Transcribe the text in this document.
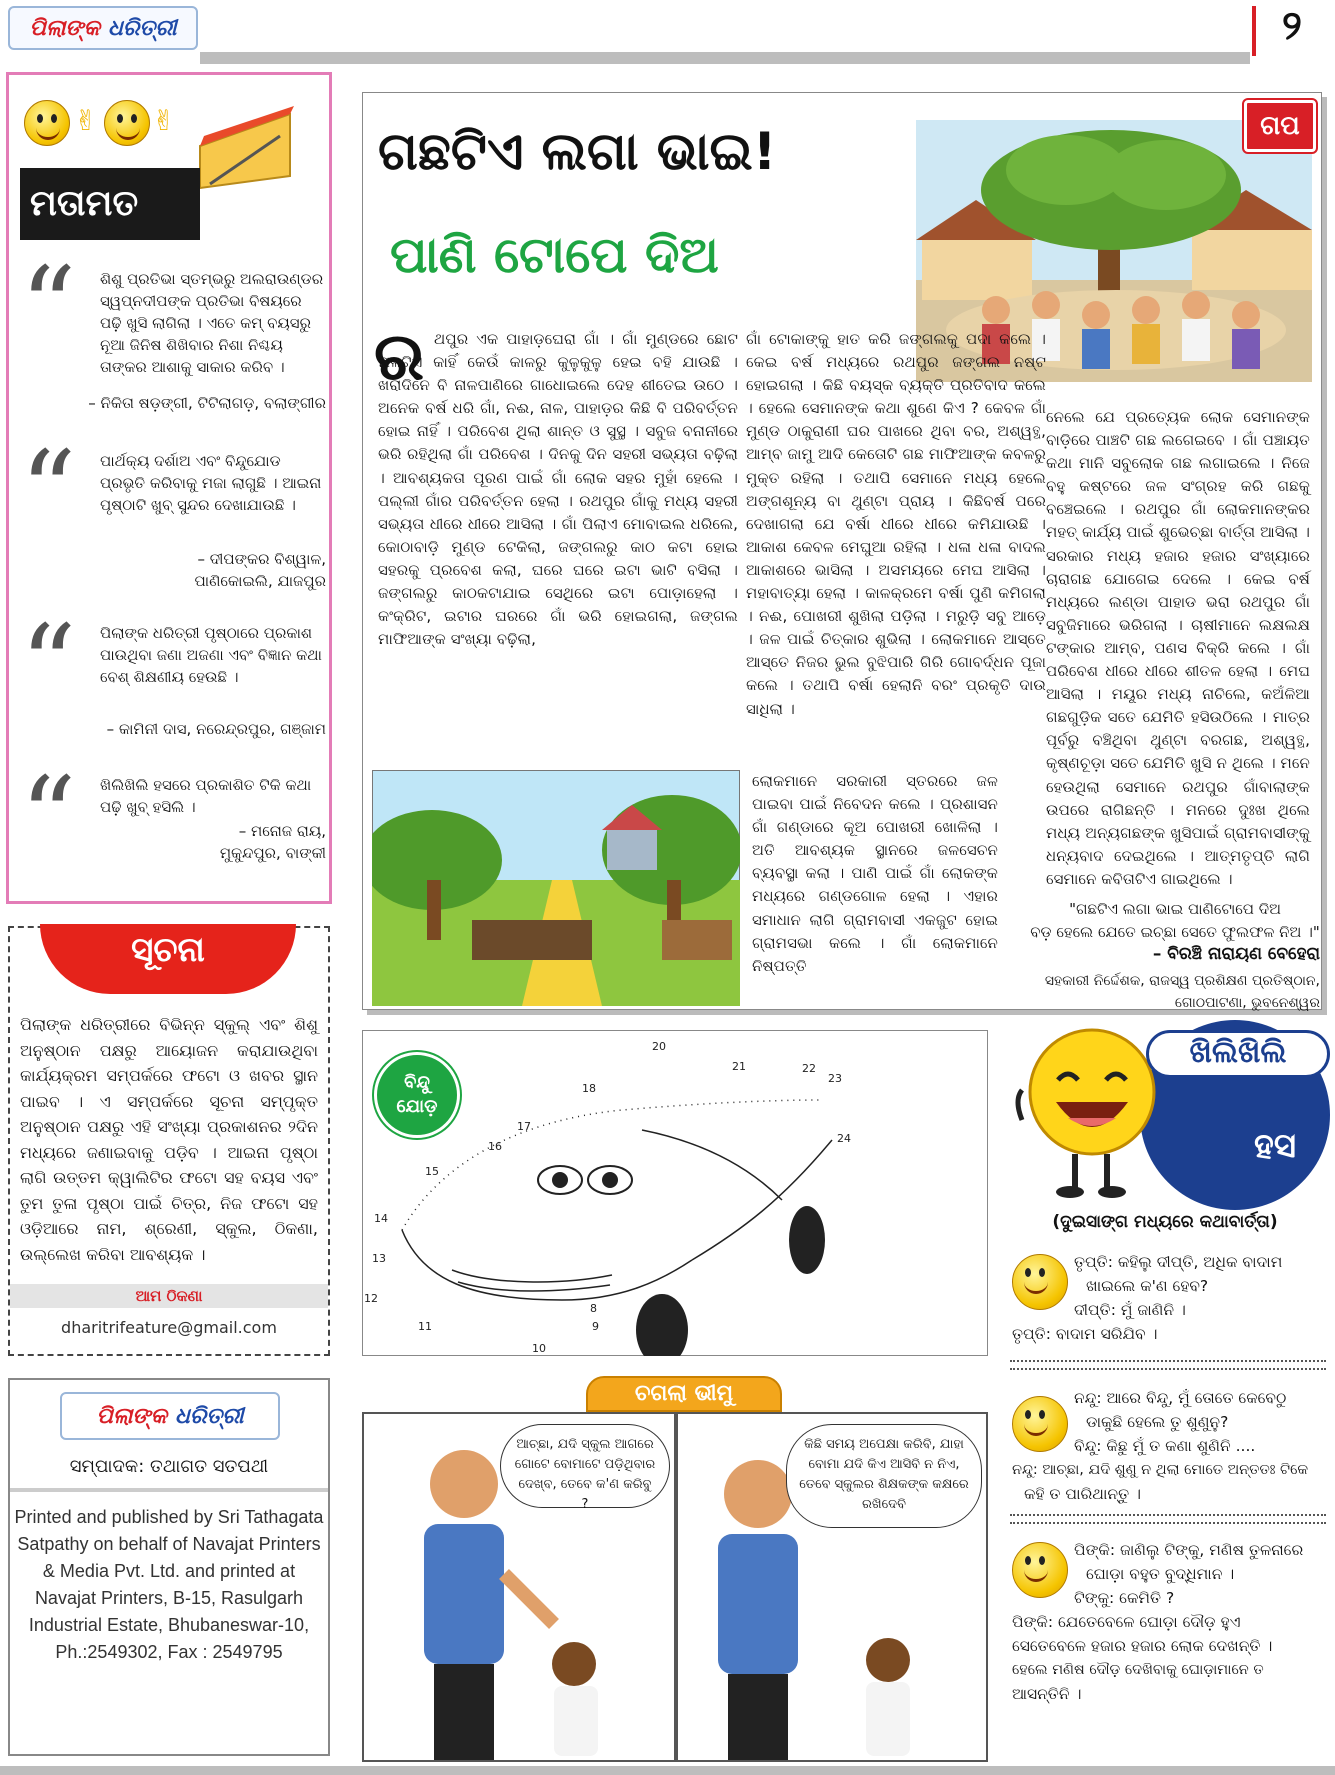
ପିଲାଙ୍କ ଧରିତ୍ରୀ	୨
✌ ✌
ମତାମତ
“ ଶିଶୁ ପ୍ରତିଭା ସ୍ତମ୍ଭରୁ ଅଲରାଉଣ୍ଡର ସ୍ୱପ୍ନଦୀପଙ୍କ ପ୍ରତିଭା ବିଷୟରେ ପଢ଼ି ଖୁସି ଲାଗିଲା । ଏତେ କମ୍ ବୟସରୁ ନୂଆ ଜିନିଷ ଶିଖିବାର ନିଶା ନିଶ୍ଚୟ ତାଙ୍କର ଆଶାକୁ ସାକାର କରିବ ।
– ନିକିତା ଷଡ଼ଙ୍ଗୀ, ଟିଟିଲାଗଡ଼, ବଲାଙ୍ଗୀର
“ ପାର୍ଥକ୍ୟ ଦର୍ଶାଅ ଏବଂ ବିନ୍ଦୁଯୋଡ ପ୍ରଭୃତି କରିବାକୁ ମଜା ଲାଗୁଛି । ଆଇନା ପୃଷ୍ଠାଟି ଖୁବ୍ ସୁନ୍ଦର ଦେଖାଯାଉଛି ।
– ଦୀପଙ୍କର ବିଶ୍ୱାଳ, ପାଣିକୋଇଲି, ଯାଜପୁର
“ ପିଲାଙ୍କ ଧରିତ୍ରୀ ପୃଷ୍ଠାରେ ପ୍ରକାଶ ପାଉଥିବା ଜଣା ଅଜଣା ଏବଂ ବିଜ୍ଞାନ କଥା ବେଶ୍ ଶିକ୍ଷଣୀୟ ହେଉଛି ।
– କାମିନୀ ଦାସ, ନରେନ୍ଦ୍ରପୁର, ଗଞ୍ଜାମ
“ ଖିଲିଖିଲି ହସରେ ପ୍ରକାଶିତ ଟିକି କଥା ପଢ଼ି ଖୁବ୍ ହସିଲି ।
– ମନୋଜ ରାୟ, ମୁକୁନ୍ଦପୁର, ବାଙ୍କୀ
ସୂଚନା
ପିଲାଙ୍କ ଧରିତ୍ରୀରେ ବିଭିନ୍ନ ସ୍କୁଲ୍ ଏବଂ ଶିଶୁ ଅନୁଷ୍ଠାନ ପକ୍ଷରୁ ଆୟୋଜନ କରାଯାଉଥିବା କାର୍ଯ୍ୟକ୍ରମ ସମ୍ପର୍କରେ ଫଟୋ ଓ ଖବର ସ୍ଥାନ ପାଇବ । ଏ ସମ୍ପର୍କରେ ସୂଚନା ସମ୍ପୃକ୍ତ ଅନୁଷ୍ଠାନ ପକ୍ଷରୁ ଏହି ସଂଖ୍ୟା ପ୍ରକାଶନର ୨ଦିନ ମଧ୍ୟରେ ଜଣାଇବାକୁ ପଡ଼ିବ । ଆଇନା ପୃଷ୍ଠା ଲାଗି ଉତ୍ତମ କ୍ୱାଲିଟିର ଫଟୋ ସହ ବୟସ ଏବଂ ତୁମ ତୁଳା ପୃଷ୍ଠା ପାଇଁ ଚିତ୍ର, ନିଜ ଫଟୋ ସହ ଓଡ଼ିଆରେ ନାମ, ଶ୍ରେଣୀ, ସ୍କୁଲ, ଠିକଣା, ଉଲ୍ଲେଖ କରିବା ଆବଶ୍ୟକ ।
ଆମ ଠିକଣା
dharitrifeature@gmail.com
ପିଲାଙ୍କ ଧରିତ୍ରୀ
ସମ୍ପାଦକ: ତଥାଗତ ସତପଥୀ
Printed and published by Sri Tathagata Satpathy on behalf of Navajat Printers & Media Pvt. Ltd. and printed at Navajat Printers, B-15, Rasulgarh Industrial Estate, Bhubaneswar-10, Ph.:2549302, Fax : 2549795
ଗଛଟିଏ ଲଗା ଭାଇ!
ପାଣି ଟୋପେ ଦିଅ
ଗପ
ର ଥପୁର ଏକ ପାହାଡ଼ଘେରା ଗାଁ । ଗାଁ ମୁଣ୍ଡରେ ଛୋଟ ନାଳଟିଏ କାହିଁ କେଉଁ କାଳରୁ କୁଳୁକୁଳୁ ହେଇ ବହି ଯାଉଛି । ଖରାଦିନେ ବି ନାଳପାଣିରେ ଗାଧୋଇଲେ ଦେହ ଶୀତେଇ ଉଠେ । ଅନେକ ବର୍ଷ ଧରି ଗାଁ, ନଈ, ନାଳ, ପାହାଡ଼ର କିଛି ବି ପରିବର୍ତ୍ତନ ହୋଇ ନାହିଁ । ପରିବେଶ ଥିଲା ଶାନ୍ତ ଓ ସୁସ୍ଥ । ସବୁଜ ବନାନୀରେ ଭରି ରହିଥିଲା ଗାଁ ପରିବେଶ । ଦିନକୁ ଦିନ ସହରୀ ସଭ୍ୟତା ବଢ଼ିଲା । ଆବଶ୍ୟକତା ପୂରଣ ପାଇଁ ଗାଁ ଲୋକ ସହର ମୁହାଁ ହେଲେ । ପଲ୍ଲୀ ଗାଁର ପରିବର୍ତ୍ତନ ହେଲା । ରଥପୁର ଗାଁକୁ ମଧ୍ୟ ସହରୀ ସଭ୍ୟତା ଧୀରେ ଧୀରେ ଆସିଲା । ଗାଁ ପିଲାଏ ମୋବାଇଲ ଧରିଲେ, କୋଠାବାଡ଼ି ମୁଣ୍ଡ ଟେକିଲା, ଜଙ୍ଗଲରୁ କାଠ କଟା ହୋଇ ସହରକୁ ପ୍ରବେଶ କଲା, ଘରେ ଘରେ ଇଟା ଭାଟି ବସିଲା । ଜଙ୍ଗଲରୁ କାଠକଟାଯାଇ ସେଥିରେ ଇଟା ପୋଡ଼ାହେଲା । କଂକ୍ରିଟ, ଇଟାର ଘରରେ ଗାଁ ଭରି ହୋଇଗଲା, ଜଙ୍ଗଲ ମାଫିଆଙ୍କ ସଂଖ୍ୟା ବଢ଼ିଲା,
ଗାଁ ଟୋକାଙ୍କୁ ହାତ କରି ଜଙ୍ଗଲକୁ ପଦା କଲେ । କେଇ ବର୍ଷ ମଧ୍ୟରେ ରଥପୁର ଜଙ୍ଗଲ ନଷ୍ଟ ହୋଇଗଲା । କିଛି ବୟସ୍କ ବ୍ୟକ୍ତି ପ୍ରତିବାଦ କଲେ । ହେଲେ ସେମାନଙ୍କ କଥା ଶୁଣେ କିଏ ? କେବଳ ଗାଁ ମୁଣ୍ଡ ଠାକୁରାଣୀ ଘର ପାଖରେ ଥିବା ବର, ଅଶ୍ୱତ୍ଥ, ଆମ୍ବ ଜାମୁ ଆଦି କେତୋଟି ଗଛ ମାଫିଆଙ୍କ କବଳରୁ ମୁକ୍ତ ରହିଲା । ତଥାପି ସେମାନେ ମଧ୍ୟ ହେଲେ ଅଙ୍ଗଶୂନ୍ୟ ବା ଥୁଣ୍ଟା ପ୍ରାୟ । କିଛିବର୍ଷ ପରେ ଦେଖାଗଲା ଯେ ବର୍ଷା ଧୀରେ ଧୀରେ କମିଯାଉଛି । ଆକାଶ କେବଳ ମେଘୁଆ ରହିଲା । ଧଳା ଧଳା ବାଦଲ ଆକାଶରେ ଭାସିଲା । ଅସମୟରେ ମେଘ ଆସିଲା । ମହାବାତ୍ୟା ହେଲା । କାଳକ୍ରମେ ବର୍ଷା ପୁଣି କମିଗଲା । ନଈ, ପୋଖରୀ ଶୁଖିଲା ପଡ଼ିଲା । ମରୁଡ଼ି ସବୁ ଆଡ଼େ । ଜଳ ପାଇଁ ଚିତ୍କାର ଶୁଭିଲା । ଲୋକମାନେ ଆସ୍ତେ ଆସ୍ତେ ନିଜର ଭୁଲ ବୁଝିପାରି ଗିରି ଗୋବର୍ଦ୍ଧନ ପୂଜା କଲେ । ତଥାପି ବର୍ଷା ହେଲାନି ବରଂ ପ୍ରକୃତି ଦାଉ ସାଧିଲା ।
ନେଲେ ଯେ ପ୍ରତ୍ୟେକ ଲୋକ ସେମାନଙ୍କ ବାଡ଼ିରେ ପାଞ୍ଚଟି ଗଛ ଲଗେଇବେ । ଗାଁ ପଞ୍ଚାୟତ କଥା ମାନି ସବୁଲୋକ ଗଛ ଲଗାଇଲେ । ନିଜେ ବହୁ କଷ୍ଟରେ ଜଳ ସଂଗ୍ରହ କରି ଗଛକୁ ବଞ୍ଚେଇଲେ । ରଥପୁର ଗାଁ ଲୋକମାନଙ୍କର ମହତ୍ କାର୍ଯ୍ୟ ପାଇଁ ଶୁଭେଚ୍ଛା ବାର୍ତ୍ତା ଆସିଲା । ସରକାର ମଧ୍ୟ ହଜାର ହଜାର ସଂଖ୍ୟାରେ ଚାରାଗଛ ଯୋଗେଇ ଦେଲେ । କେଇ ବର୍ଷ ମଧ୍ୟରେ ଲଣ୍ଡା ପାହାଡ ଭରା ରଥପୁର ଗାଁ ସବୁଜିମାରେ ଭରିଗଲା । ଚାଷୀମାନେ ଲକ୍ଷଲକ୍ଷ ଟଙ୍କାର ଆମ୍ବ, ପଣସ ବିକ୍ରି କଲେ । ଗାଁ ପରିବେଶ ଧୀରେ ଧୀରେ ଶୀତଳ ହେଲା । ମେଘ ଆସିଲା । ମୟୂର ମଧ୍ୟ ନାଚିଲେ, କଅଁଳିଆ ଗଛଗୁଡ଼ିକ ସତେ ଯେମିତି ହସିଉଠିଲେ । ମାତ୍ର ପୂର୍ବରୁ ବଞ୍ଚିଥିବା ଥୁଣ୍ଟା ବରଗଛ, ଅଶ୍ୱତ୍ଥ, କୃଷ୍ଣଚୂଡ଼ା ସତେ ଯେମିତି ଖୁସି ନ ଥିଲେ । ମନେ ହେଉଥିଲା ସେମାନେ ରଥପୁର ଗାଁବାଲାଙ୍କ ଉପରେ ରାଗିଛନ୍ତି । ମନରେ ଦୁଃଖ ଥିଲେ ମଧ୍ୟ ଅନ୍ୟଗଛଙ୍କ ଖୁସିପାଇଁ ଗ୍ରାମବାସୀଙ୍କୁ ଧନ୍ୟବାଦ ଦେଇଥିଲେ । ଆତ୍ମତୃପ୍ତି ଲାଗି ସେମାନେ କବିତାଟିଏ ଗାଇଥିଲେ ।
ଲୋକମାନେ ସରକାରୀ ସ୍ତରରେ ଜଳ ପାଇବା ପାଇଁ ନିବେଦନ କଲେ । ପ୍ରଶାସନ ଗାଁ ଗଣ୍ଡାରେ କୂଅ ପୋଖରୀ ଖୋଳିଲା । ଅତି ଆବଶ୍ୟକ ସ୍ଥାନରେ ଜଳସେଚନ ବ୍ୟବସ୍ଥା କଲା । ପାଣି ପାଇଁ ଗାଁ ଲୋକଙ୍କ ମଧ୍ୟରେ ଗଣ୍ଡଗୋଳ ହେଲା । ଏହାର ସମାଧାନ ଲାଗି ଗ୍ରାମବାସୀ ଏକଜୁଟ ହୋଇ ଗ୍ରାମସଭା କଲେ । ଗାଁ ଲୋକମାନେ ନିଷ୍ପତ୍ତି
"ଗଛଟିଏ ଲଗା ଭାଇ ପାଣିଟୋପେ ଦିଅ
ବଡ଼ ହେଲେ ଯେତେ ଇଚ୍ଛା ସେତେ ଫୁଲଫଳ ନିଅ ।"
– ବିରଞ୍ଚି ନାରାୟଣ ବେହେରା
ସହକାରୀ ନିର୍ଦ୍ଦେଶକ, ରାଜସ୍ୱ ପ୍ରଶିକ୍ଷଣ ପ୍ରତିଷ୍ଠାନ, ଗୋଠପାଟଣା, ଭୁବନେଶ୍ୱର
20
21	22
23
24
18
17
16
15
14
13
12
11
10
9
8
ବିନ୍ଦୁ
ଯୋଡ଼
ଖିଲିଖିଲି
ହସ
(ଦୁଇସାଙ୍ଗ ମଧ୍ୟରେ କଥାବାର୍ତ୍ତା)
ତୃପ୍ତି: କହିଲୁ ଦୀପ୍ତି, ଅଧିକ ବାଦାମ
ଖାଇଲେ କ'ଣ ହେବ?
ଦୀପ୍ତି: ମୁଁ ଜାଣିନି ।
ତୃପ୍ତି: ବାଦାମ ସରିଯିବ ।
ନନ୍ଦୁ: ଆରେ ବିନ୍ଦୁ, ମୁଁ ତୋତେ କେବେଠୁ
ଡାକୁଛି ହେଲେ ତୁ ଶୁଣୁନୁ?
ବିନ୍ଦୁ: କିଛୁ ମୁଁ ତ କଣା ଶୁଣିନି ....
ନନ୍ଦୁ: ଆଚ୍ଛା, ଯଦି ଶୁଣୁ ନ ଥିଲା ମୋତେ ଅନ୍ତତଃ ଟିକେ
କହି ତ ପାରିଥାନ୍ତୁ ।
ପିଙ୍କି: ଜାଣିଲୁ ଟିଙ୍କୁ, ମଣିଷ ତୁଳନାରେ
ଘୋଡ଼ା ବହୁତ ବୁଦ୍ଧିମାନ ।
ଟିଙ୍କୁ: କେମିତି ?
ପିଙ୍କି: ଯେତେବେଳେ ଘୋଡ଼ା ଦୌଡ଼ ହୁଏ
ସେତେବେଳେ ହଜାର ହଜାର ଲୋକ ଦେଖନ୍ତି ।
ହେଲେ ମଣିଷ ଦୌଡ଼ ଦେଖିବାକୁ ଘୋଡ଼ାମାନେ ତ
ଆସନ୍ତିନି ।
ଚଗଲା ଭୀମୁ
ଆଚ୍ଛା, ଯଦି ସ୍କୁଲ ଆଗରେ ଗୋଟେ ବୋମାଟେ ପଡ଼ିଥିବାର ଦେଖ୍ବ, ତେବେ କ'ଣ କରିବୁ ?
କିଛି ସମୟ ଅପେକ୍ଷା କରିବି, ଯାହା ବୋମା ଯଦି କିଏ ଆସିବି ନ ନିଏ, ତେବେ ସ୍କୁଲର ଶିକ୍ଷକଙ୍କ କକ୍ଷରେ ରଖିଦେବି
